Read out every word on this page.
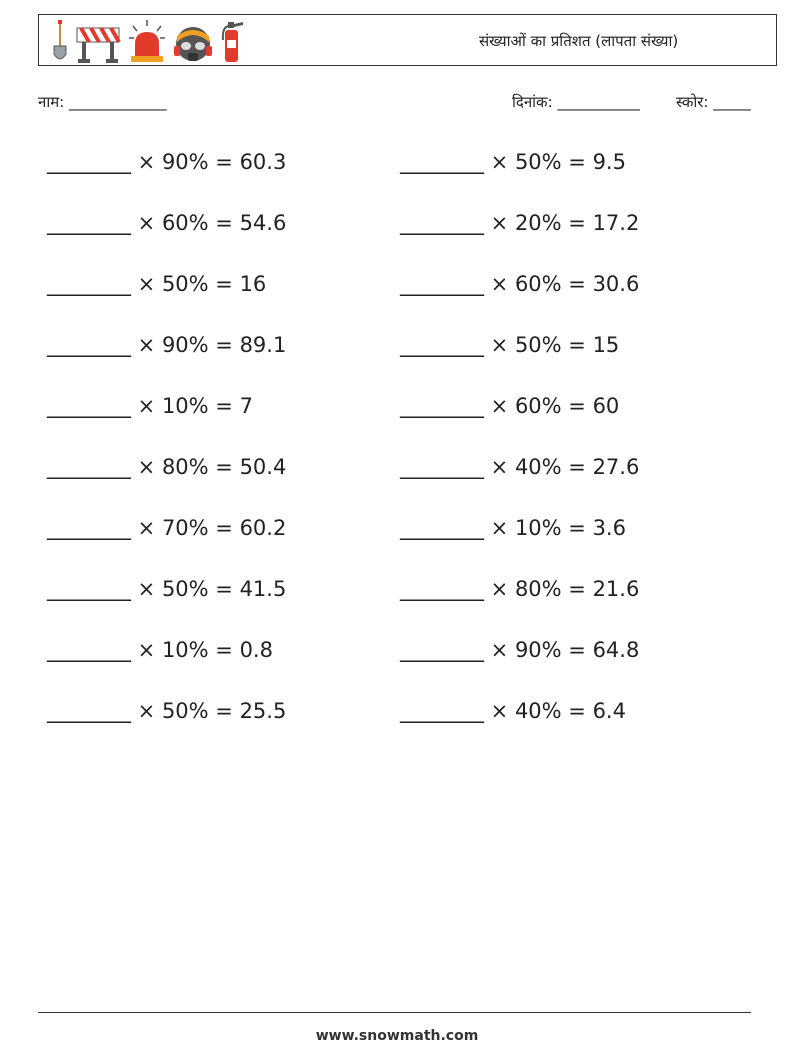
संख्याओं का प्रतिशत (लापता संख्या)
नाम: _____________	दिनांक: ___________ स्कोर: _____
________ × 90% = 60.3
________ × 60% = 54.6
________ × 50% = 16
________ × 90% = 89.1
________ × 10% = 7
________ × 80% = 50.4
________ × 70% = 60.2
________ × 50% = 41.5
________ × 10% = 0.8
________ × 50% = 25.5
________ × 50% = 9.5
________ × 20% = 17.2
________ × 60% = 30.6
________ × 50% = 15
________ × 60% = 60
________ × 40% = 27.6
________ × 10% = 3.6
________ × 80% = 21.6
________ × 90% = 64.8
________ × 40% = 6.4
www.snowmath.com
